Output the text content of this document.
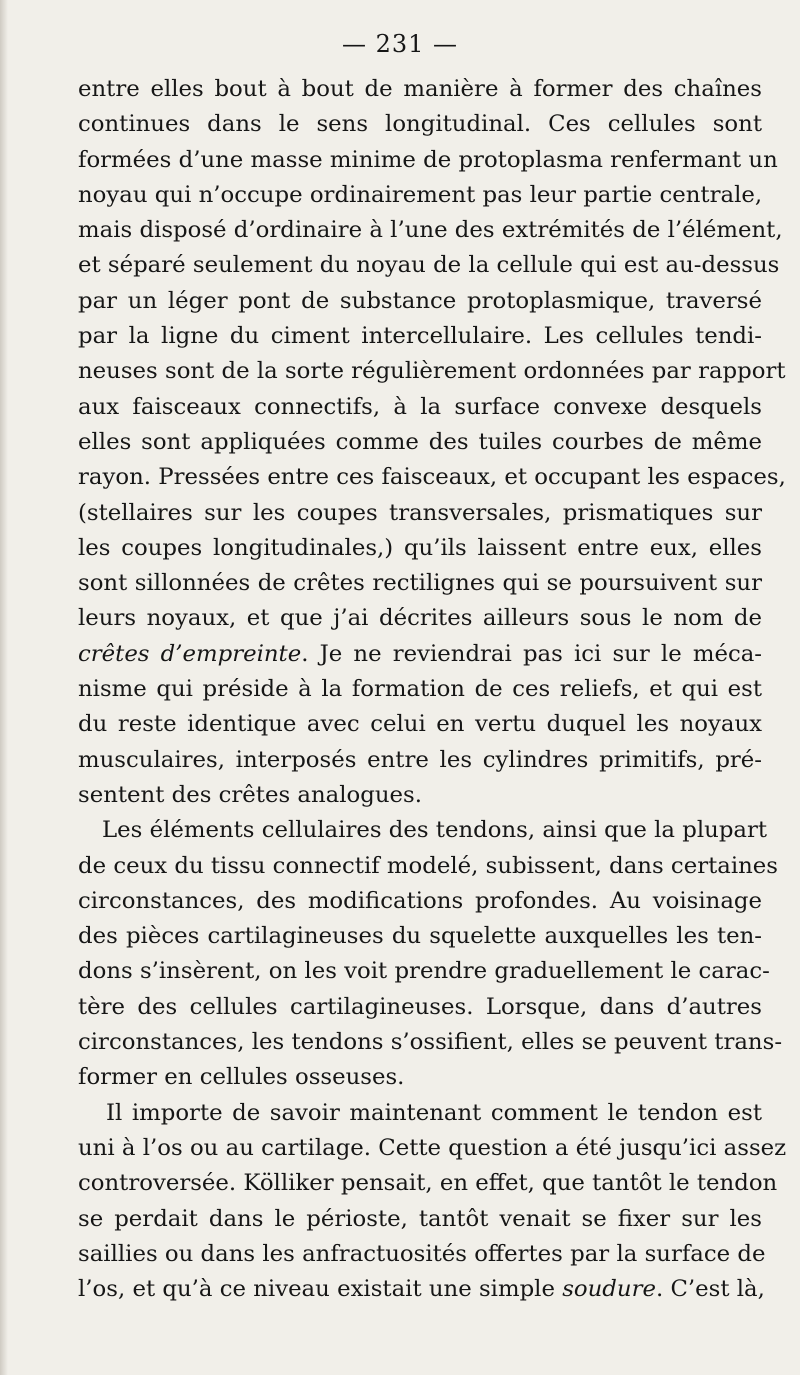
— 231 —
entre elles bout à bout de manière à former des chaînes
continues dans le sens longitudinal. Ces cellules sont
formées d’une masse minime de protoplasma renfermant un
noyau qui n’occupe ordinairement pas leur partie centrale,
mais disposé d’ordinaire à l’une des extrémités de l’élément,
et séparé seulement du noyau de la cellule qui est au-dessus
par un léger pont de substance protoplasmique, traversé
par la ligne du ciment intercellulaire. Les cellules tendi-
neuses sont de la sorte régulièrement ordonnées par rapport
aux faisceaux connectifs, à la surface convexe desquels
elles sont appliquées comme des tuiles courbes de même
rayon. Pressées entre ces faisceaux, et occupant les espaces,
(stellaires sur les coupes transversales, prismatiques sur
les coupes longitudinales,) qu’ils laissent entre eux, elles
sont sillonnées de crêtes rectilignes qui se poursuivent sur
leurs noyaux, et que j’ai décrites ailleurs sous le nom de
crêtes d’empreinte. Je ne reviendrai pas ici sur le méca-
nisme qui préside à la formation de ces reliefs, et qui est
du reste identique avec celui en vertu duquel les noyaux
musculaires, interposés entre les cylindres primitifs, pré-
sentent des crêtes analogues.
Les éléments cellulaires des tendons, ainsi que la plupart
de ceux du tissu connectif modelé, subissent, dans certaines
circonstances, des modifications profondes. Au voisinage
des pièces cartilagineuses du squelette auxquelles les ten-
dons s’insèrent, on les voit prendre graduellement le carac-
tère des cellules cartilagineuses. Lorsque, dans d’autres
circonstances, les tendons s’ossifient, elles se peuvent trans-
former en cellules osseuses.
Il importe de savoir maintenant comment le tendon est
uni à l’os ou au cartilage. Cette question a été jusqu’ici assez
controversée. Kölliker pensait, en effet, que tantôt le tendon
se perdait dans le périoste, tantôt venait se fixer sur les
saillies ou dans les anfractuosités offertes par la surface de
l’os, et qu’à ce niveau existait une simple soudure. C’est là,
